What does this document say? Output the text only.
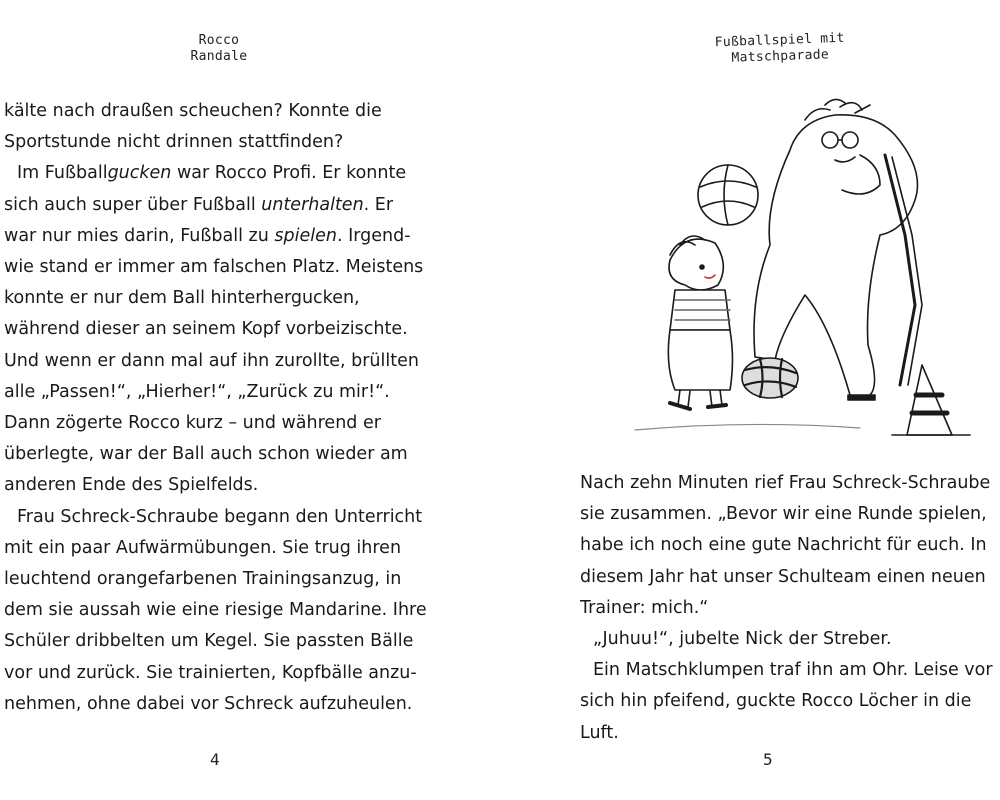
Rocco
Randale

kälte nach draußen scheuchen? Konnte die

Sportstunde nicht drinnen stattfinden?

Im Fußballgucken war Rocco Profi. Er konnte

sich auch super über Fußball unterhalten. Er

war nur mies darin, Fußball zu spielen. Irgend-

wie stand er immer am falschen Platz. Meistens

konnte er nur dem Ball hinterhergucken,

während dieser an seinem Kopf vorbeizischte.

Und wenn er dann mal auf ihn zurollte, brüllten

alle „Passen!“, „Hierher!“, „Zurück zu mir!“.

Dann zögerte Rocco kurz – und während er

überlegte, war der Ball auch schon wieder am

anderen Ende des Spielfelds.

Frau Schreck-Schraube begann den Unterricht

mit ein paar Aufwärmübungen. Sie trug ihren

leuchtend orangefarbenen Trainingsanzug, in

dem sie aussah wie eine riesige Mandarine. Ihre

Schüler dribbelten um Kegel. Sie passten Bälle

vor und zurück. Sie trainierten, Kopfbälle anzu-

nehmen, ohne dabei vor Schreck aufzuheulen.

4
Fußballspiel mit
Matschparade

Nach zehn Minuten rief Frau Schreck-Schraube

sie zusammen. „Bevor wir eine Runde spielen,

habe ich noch eine gute Nachricht für euch. In

diesem Jahr hat unser Schulteam einen neuen

Trainer: mich.“

„Juhuu!“, jubelte Nick der Streber.

Ein Matschklumpen traf ihn am Ohr. Leise vor

sich hin pfeifend, guckte Rocco Löcher in die Luft.

5
